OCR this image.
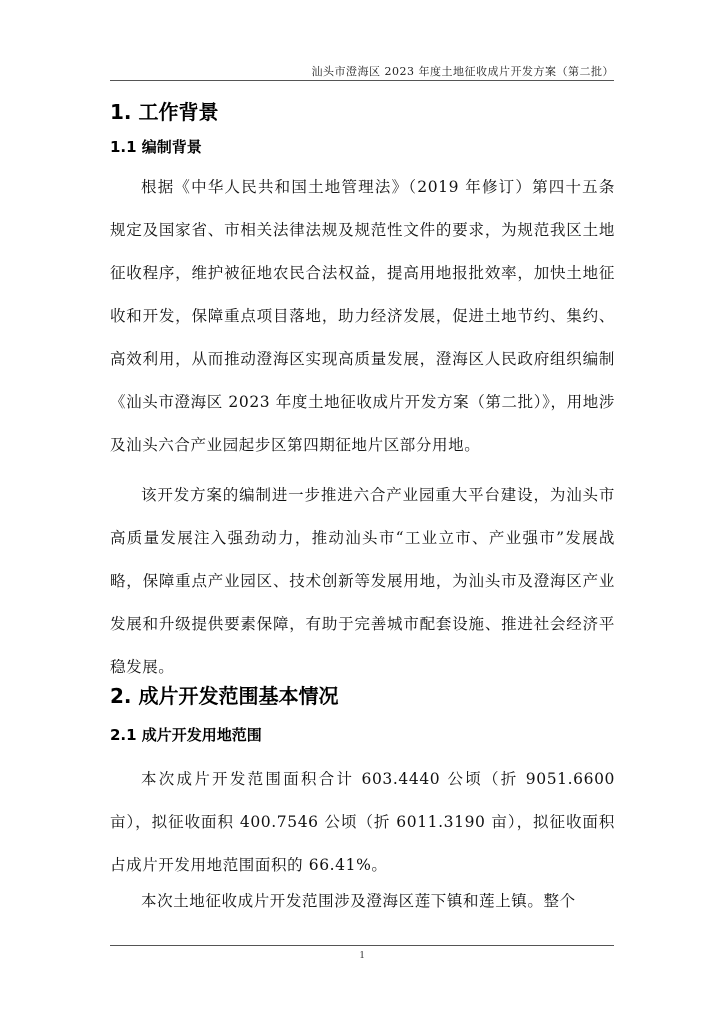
汕头市澄海区 2023 年度土地征收成片开发方案（第二批）
1. 工作背景
1.1 编制背景

根据《中华人民共和国土地管理法》（2019 年修订）第四十五条规定及国家省、市相关法律法规及规范性文件的要求，为规范我区土地征收程序，维护被征地农民合法权益，提高用地报批效率，加快土地征收和开发，保障重点项目落地，助力经济发展，促进土地节约、集约、高效利用，从而推动澄海区实现高质量发展，澄海区人民政府组织编制《汕头市澄海区 2023 年度土地征收成片开发方案（第二批）》，用地涉及汕头六合产业园起步区第四期征地片区部分用地。

该开发方案的编制进一步推进六合产业园重大平台建设，为汕头市高质量发展注入强劲动力，推动汕头市“工业立市、产业强市”发展战略，保障重点产业园区、技术创新等发展用地，为汕头市及澄海区产业发展和升级提供要素保障，有助于完善城市配套设施、推进社会经济平稳发展。

2. 成片开发范围基本情况
2.1 成片开发用地范围

本次成片开发范围面积合计 603.4440 公顷（折 9051.6600 亩），拟征收面积 400.7546 公顷（折 6011.3190 亩），拟征收面积占成片开发用地范围面积的 66.41%。

本次土地征收成片开发范围涉及澄海区莲下镇和莲上镇。整个

1
